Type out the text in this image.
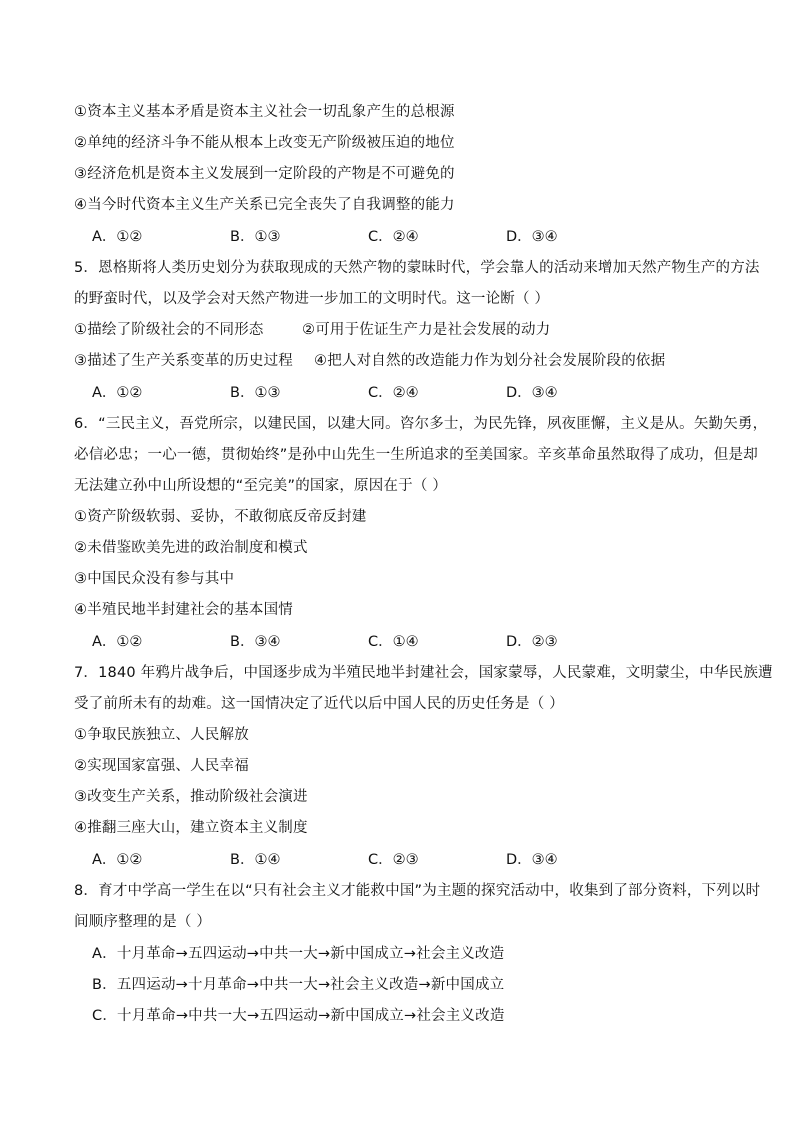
①资本主义基本矛盾是资本主义社会一切乱象产生的总根源
②单纯的经济斗争不能从根本上改变无产阶级被压迫的地位
③经济危机是资本主义发展到一定阶段的产物是不可避免的
④当今时代资本主义生产关系已完全丧失了自我调整的能力
A．①②	B．①③	C．②④	D．③④
5．恩格斯将人类历史划分为获取现成的天然产物的蒙昧时代，学会靠人的活动来增加天然产物生产的方法
的野蛮时代，以及学会对天然产物进一步加工的文明时代。这一论断（ ）
①描绘了阶级社会的不同形态	②可用于佐证生产力是社会发展的动力
③描述了生产关系变革的历史过程 ④把人对自然的改造能力作为划分社会发展阶段的依据
A．①②	B．①③	C．②④	D．③④
6．“三民主义，吾党所宗，以建民国，以建大同。咨尔多士，为民先锋，夙夜匪懈，主义是从。矢勤矢勇，
必信必忠；一心一德，贯彻始终”是孙中山先生一生所追求的至美国家。辛亥革命虽然取得了成功，但是却
无法建立孙中山所设想的“至完美”的国家，原因在于（ ）
①资产阶级软弱、妥协，不敢彻底反帝反封建
②未借鉴欧美先进的政治制度和模式
③中国民众没有参与其中
④半殖民地半封建社会的基本国情
A．①②	B．③④	C．①④	D．②③
7．1840 年鸦片战争后，中国逐步成为半殖民地半封建社会，国家蒙辱，人民蒙难，文明蒙尘，中华民族遭
受了前所未有的劫难。这一国情决定了近代以后中国人民的历史任务是（ ）
①争取民族独立、人民解放
②实现国家富强、人民幸福
③改变生产关系，推动阶级社会演进
④推翻三座大山，建立资本主义制度
A．①②	B．①④	C．②③	D．③④
8．育才中学高一学生在以“只有社会主义才能救中国”为主题的探究活动中，收集到了部分资料，下列以时
间顺序整理的是（ ）
A．十月革命→五四运动→中共一大→新中国成立→社会主义改造
B．五四运动→十月革命→中共一大→社会主义改造→新中国成立
C．十月革命→中共一大→五四运动→新中国成立→社会主义改造
